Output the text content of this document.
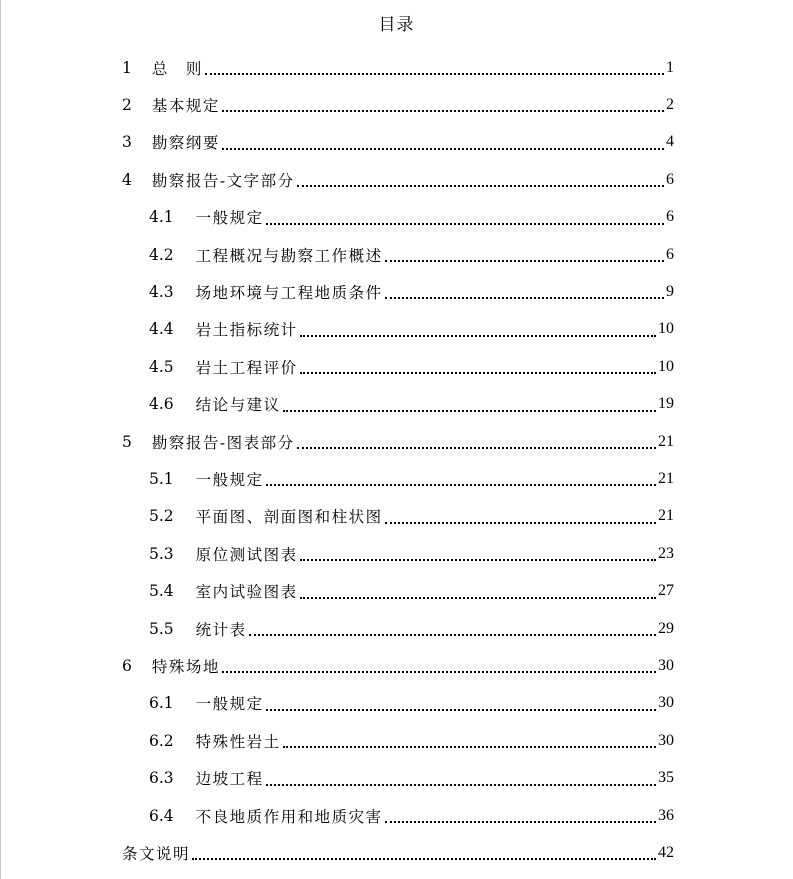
目录
1 总　则	1
2 基本规定	2
3 勘察纲要	4
4 勘察报告-文字部分	6
4.1 一般规定	6
4.2 工程概况与勘察工作概述	6
4.3 场地环境与工程地质条件	9
4.4 岩土指标统计	10
4.5 岩土工程评价	10
4.6 结论与建议	19
5 勘察报告-图表部分	21
5.1 一般规定	21
5.2 平面图、剖面图和柱状图	21
5.3 原位测试图表	23
5.4 室内试验图表	27
5.5 统计表	29
6 特殊场地	30
6.1 一般规定	30
6.2 特殊性岩土	30
6.3 边坡工程	35
6.4 不良地质作用和地质灾害	36
条文说明	42
